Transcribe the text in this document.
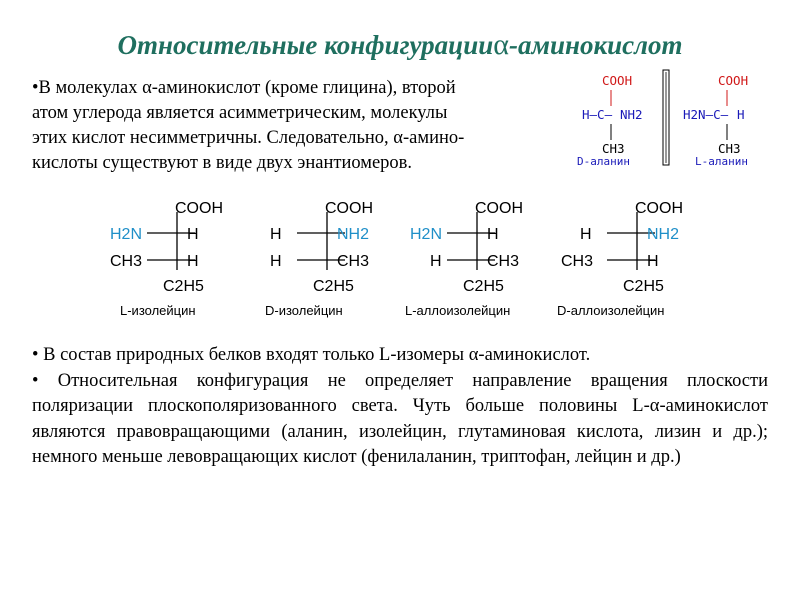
Относительные конфигурацииα-аминокислот
•В молекулах α-аминокислот (кроме глицина), второй
атом углерода является асимметрическим, молекулы
этих кислот несимметричны. Следовательно, α-амино-
кислоты существуют в виде двух энантиомеров.
COOH
H–C– NH2
CH3
D-аланин
COOH
H2N–C– H
CH3
L-аланин
COOH
H2N	H
CH3	H
C2H5
L-изолейцин
COOH
H	NH2
H	CH3
C2H5
D-изолейцин
COOH
H2N	H
H	CH3
C2H5
L-аллоизолейцин
COOH
H	NH2
CH3	H
C2H5
D-аллоизолейцин

• В состав природных белков входят только L-изомеры α-аминокислот.

• Относительная конфигурация не определяет направление вращения плоскости поляризации плоскополяризованного света. Чуть больше половины L-α-аминокислот являются правовращающими (аланин, изолейцин, глутаминовая кислота, лизин и др.); немного меньше левовращающих кислот (фенилаланин, триптофан, лейцин и др.)
